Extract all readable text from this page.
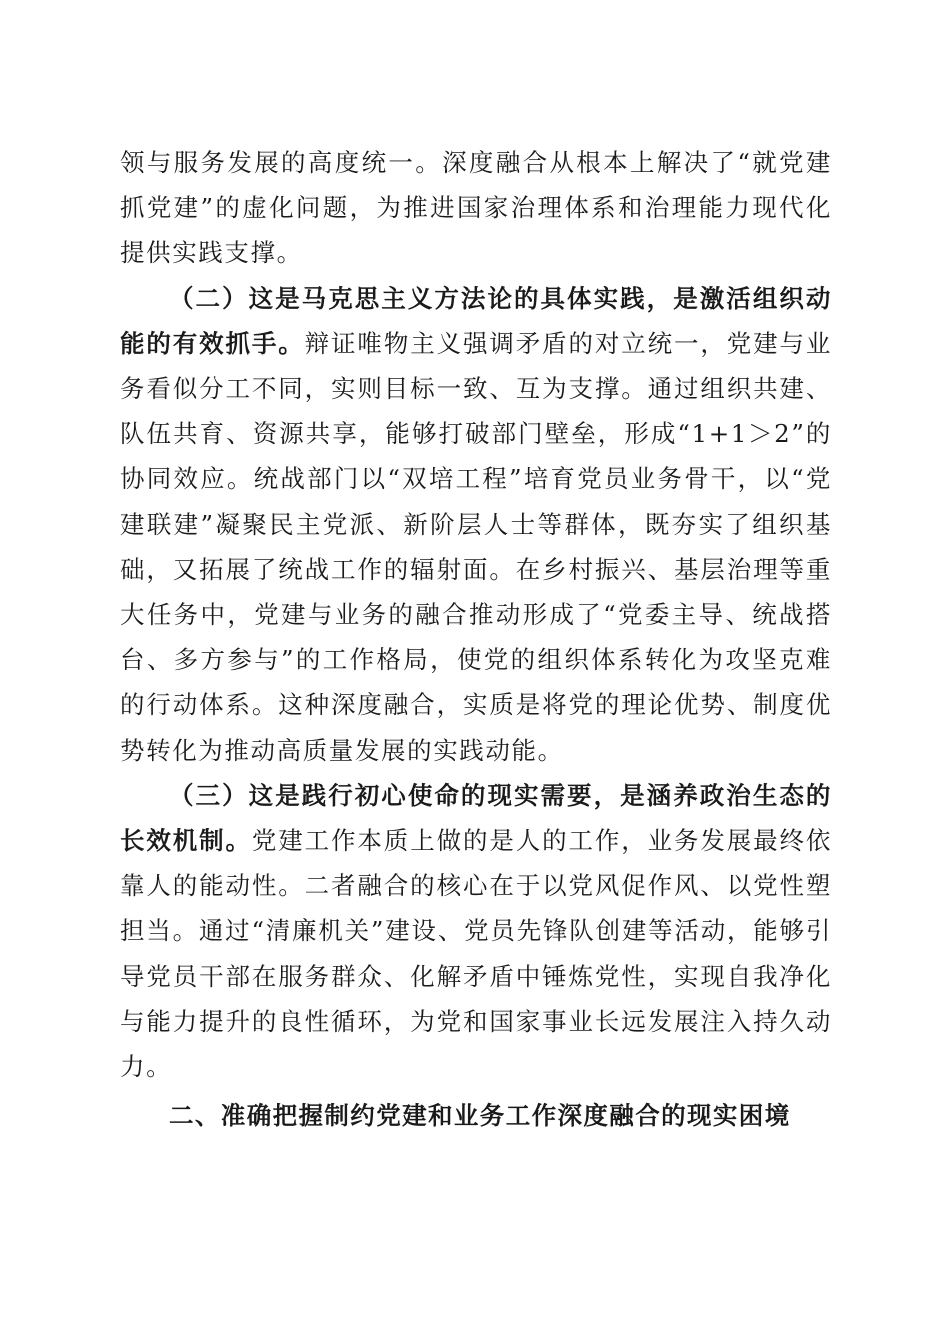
领与服务发展的高度统一。深度融合从根本上解决了“就党建抓党建”的虚化问题，为推进国家治理体系和治理能力现代化提供实践支撑。

（二）这是马克思主义方法论的具体实践，是激活组织动能的有效抓手。辩证唯物主义强调矛盾的对立统一，党建与业务看似分工不同，实则目标一致、互为支撑。通过组织共建、队伍共育、资源共享，能够打破部门壁垒，形成“1+1＞2”的协同效应。统战部门以“双培工程”培育党员业务骨干，以“党建联建”凝聚民主党派、新阶层人士等群体，既夯实了组织基础，又拓展了统战工作的辐射面。在乡村振兴、基层治理等重大任务中，党建与业务的融合推动形成了“党委主导、统战搭台、多方参与”的工作格局，使党的组织体系转化为攻坚克难的行动体系。这种深度融合，实质是将党的理论优势、制度优势转化为推动高质量发展的实践动能。

（三）这是践行初心使命的现实需要，是涵养政治生态的长效机制。党建工作本质上做的是人的工作，业务发展最终依靠人的能动性。二者融合的核心在于以党风促作风、以党性塑担当。通过“清廉机关”建设、党员先锋队创建等活动，能够引导党员干部在服务群众、化解矛盾中锤炼党性，实现自我净化与能力提升的良性循环，为党和国家事业长远发展注入持久动力。

二、准确把握制约党建和业务工作深度融合的现实困境
